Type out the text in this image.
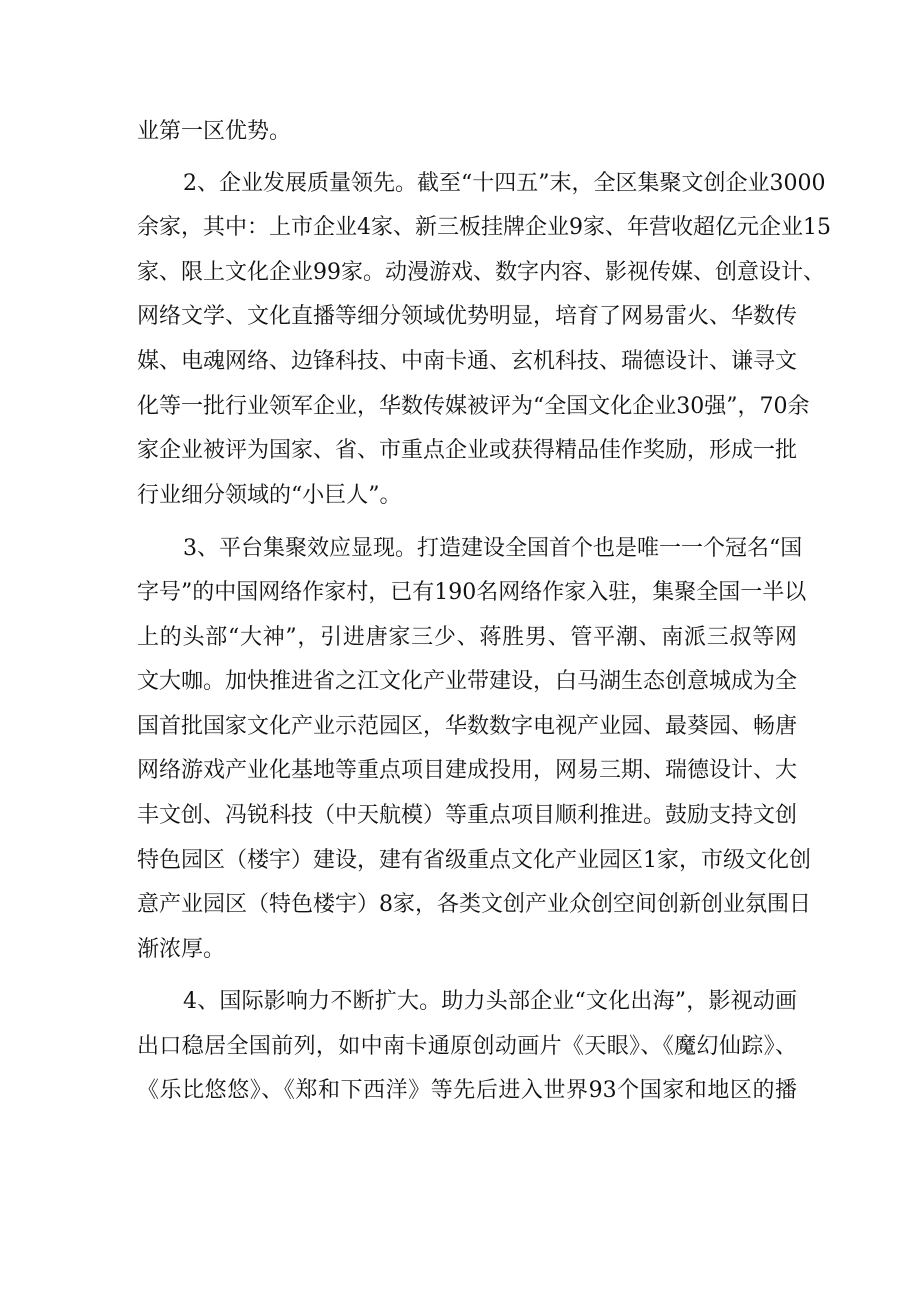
业第一区优势。
2、企业发展质量领先。截至“十四五”末，全区集聚文创企业3000
余家，其中：上市企业4家、新三板挂牌企业9家、年营收超亿元企业15
家、限上文化企业99家。动漫游戏、数字内容、影视传媒、创意设计、
网络文学、文化直播等细分领域优势明显，培育了网易雷火、华数传
媒、电魂网络、边锋科技、中南卡通、玄机科技、瑞德设计、谦寻文
化等一批行业领军企业，华数传媒被评为“全国文化企业30强”，70余
家企业被评为国家、省、市重点企业或获得精品佳作奖励，形成一批
行业细分领域的“小巨人”。
3、平台集聚效应显现。打造建设全国首个也是唯一一个冠名“国
字号”的中国网络作家村，已有190名网络作家入驻，集聚全国一半以
上的头部“大神”，引进唐家三少、蒋胜男、管平潮、南派三叔等网
文大咖。加快推进省之江文化产业带建设，白马湖生态创意城成为全
国首批国家文化产业示范园区，华数数字电视产业园、最葵园、畅唐
网络游戏产业化基地等重点项目建成投用，网易三期、瑞德设计、大
丰文创、冯锐科技（中天航模）等重点项目顺利推进。鼓励支持文创
特色园区（楼宇）建设，建有省级重点文化产业园区1家，市级文化创
意产业园区（特色楼宇）8家，各类文创产业众创空间创新创业氛围日
渐浓厚。
4、国际影响力不断扩大。助力头部企业“文化出海”，影视动画
出口稳居全国前列，如中南卡通原创动画片《天眼》、《魔幻仙踪》、
《乐比悠悠》、《郑和下西洋》等先后进入世界93个国家和地区的播
